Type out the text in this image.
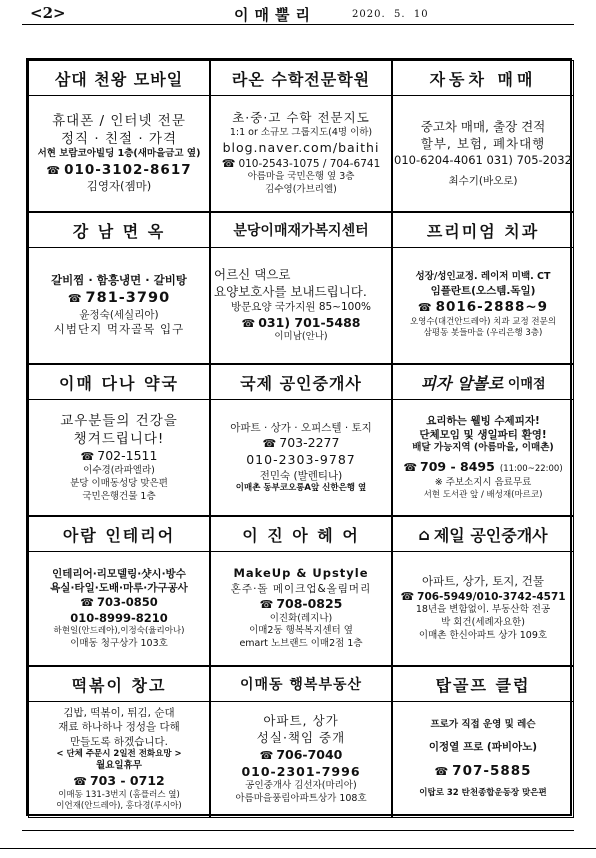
<2>	이매뿔리	2020.  5.  10
삼대 천왕 모바일
휴대폰 / 인터넷 전문
정직 · 친절 · 가격
서현 보람코아빌딩 1층(새마을금고 옆)
☎ 010-3102-8617
김영자(젬마)
라온 수학전문학원
초·중·고 수학 전문지도
1:1 or 소규모 그룹지도(4명 이하)
blog.naver.com/baithi
☎ 010-2543-1075 / 704-6741
아름마을 국민은행 옆 3층
김수영(가브리엘)
자동차 매매
중고차 매매, 출장 견적
할부, 보험, 폐차대행
010-6204-4061 031) 705-2032
최수기(바오로)
강 남 면 옥
갈비찜 · 함흥냉면 · 갈비탕
☎ 781-3790
윤정숙(세실리아)
시범단지 먹자골목 입구
분당이매재가복지센터
어르신 댁으로
요양보호사를 보내드립니다.
방문요양 국가지원 85~100%
☎ 031) 701-5488
이미남(안나)
프리미엄 치과
성장/성인교정. 레이저 미백. CT
임플란트(오스템.독일)
☎ 8016-2888~9
오영수(대건안드레아) 치과 교정 전문의
삼평동 봇들마을 (우리은행 3층)
이매 다나 약국
교우분들의 건강을
챙겨드립니다!
☎ 702-1511
이수경(라파엘라)
분당 이매동성당 맞은편
국민은행건물 1층
국제 공인중개사
아파트 · 상가 · 오피스텔 · 토지
☎ 703-2277
010-2303-9787
전민숙 (발렌티나)
이매촌 동부코오롱A앞 신한은행 옆
피자 알볼로 이매점
요리하는 웰빙 수제피자!
단체모임 및 생일파티 환영!
배달 가능지역 (아름마을, 이매촌)
☎ 709 - 8495 (11:00~22:00)
※ 주보소지시 음료무료
서현 도서관 앞 / 배성재(마르코)
아람 인테리어
인테리어·리모델링·샷시·방수
욕실·타일·도배·마루·가구공사
☎ 703-0850
010-8999-8210
하현일(안드레아),이정숙(율리아나)
이매동 청구상가 103호
이 진 아 헤 어
MakeUp & Upstyle
혼주·돌 메이크업&올림머리
☎ 708-0825
이진화(레지나)
이매2동 행복복지센터 옆
emart 노브랜드 이매2점 1층
⌂ 제일 공인중개사
아파트, 상가, 토지, 건물
☎ 706-5949/010-3742-4571
18년을 변함없이. 부동산학 전공
박 회건(세례자요한)
이매촌 한신아파트 상가 109호
떡볶이 창고
김밥, 떡볶이, 튀김, 순대
재료 하나하나 정성을 다해
만들도록 하겠습니다.
< 단체 주문시 2일전 전화요망 >
월요일휴무
☎ 703 - 0712
이매동 131-3번지 (홈플러스 옆)
이언재(안드레아), 홍다경(루시아)
이매동 행복부동산
아파트, 상가
성실·책임 중개
☎ 706-7040
010-2301-7996
공인중개사 김선자(마리아)
아름마을풍림아파트상가 108호
탑골프 클럽
프로가 직접 운영 및 레슨
이정열 프로 (파비아노)
☎ 707-5885
이탑로 32 탄천종합운동장 맞은편
